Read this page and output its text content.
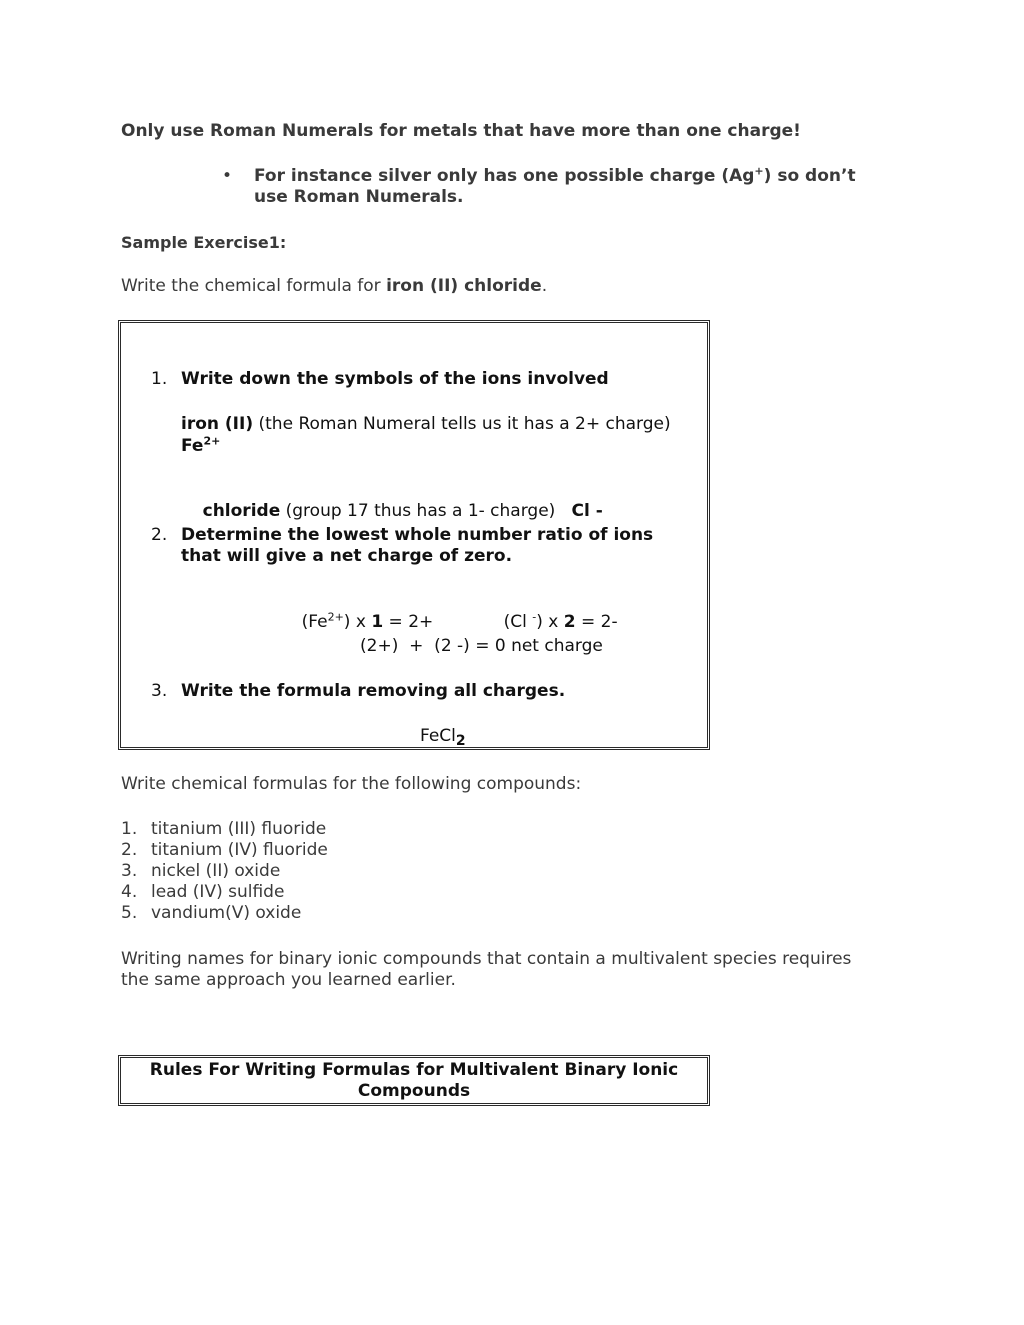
Only use Roman Numerals for metals that have more than one charge!
• For instance silver only has one possible charge (Ag+) so don’t
use Roman Numerals.
Sample Exercise1:
Write the chemical formula for iron (II) chloride.
1. Write down the symbols of the ions involved
iron (II) (the Roman Numeral tells us it has a 2+ charge)
$Fe^{2+}$

chloride (group 17 thus has a 1- charge) Cl -

2. Determine the lowest whole number ratio of ions
that will give a net charge of zero.

$(Fe^{2+})$ x 1 = 2+
	(Cl -) x 2 = 2-

(2+)  +  (2 -) = 0 net charge
3. Write the formula removing all charges.
FeCl$_2$
Write chemical formulas for the following compounds:
1. titanium (III) fluoride
2. titanium (IV) fluoride
3. nickel (II) oxide
4. lead (IV) sulfide
5. vandium(V) oxide
Writing names for binary ionic compounds that contain a multivalent species requires
the same approach you learned earlier.
Rules For Writing Formulas for Multivalent Binary Ionic
Compounds
